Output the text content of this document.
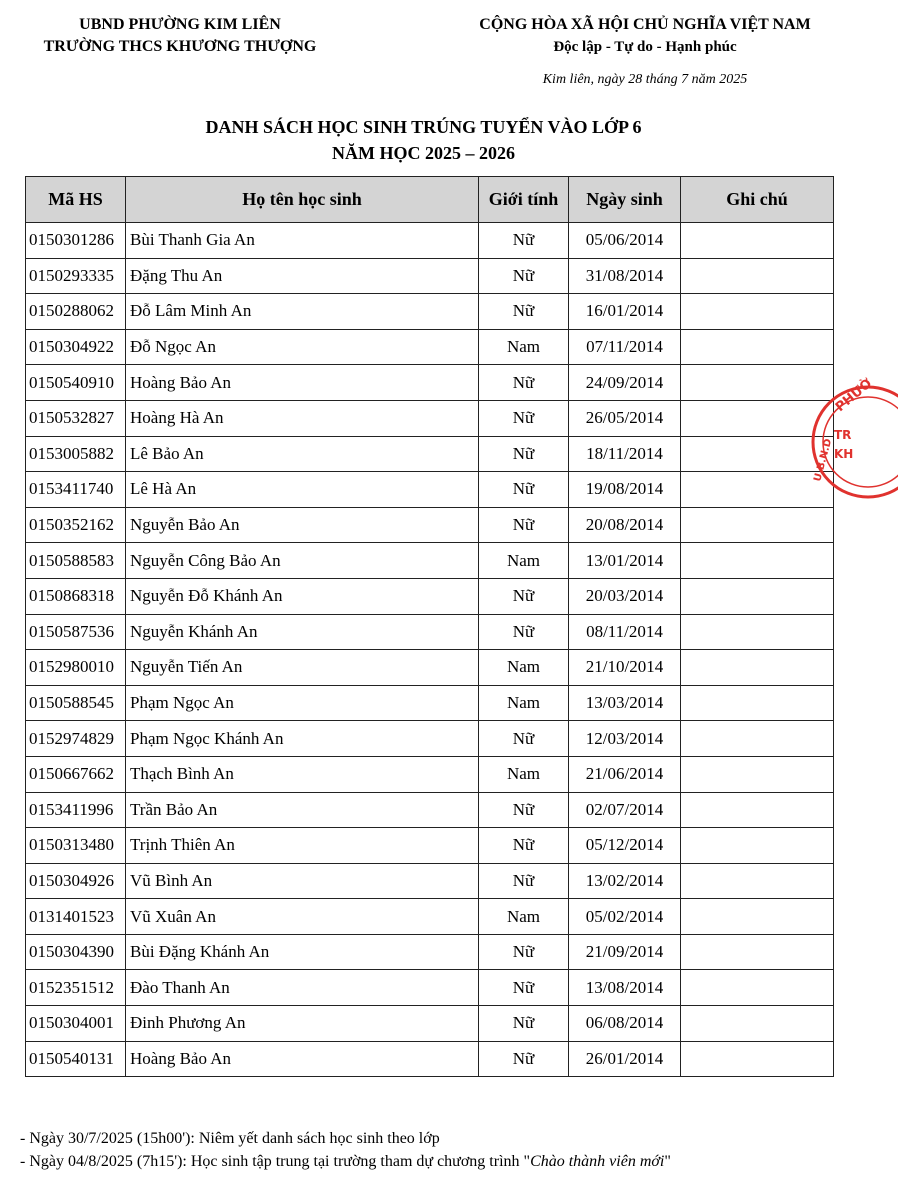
UBND PHƯỜNG KIM LIÊN
TRƯỜNG THCS KHƯƠNG THƯỢNG
CỘNG HÒA XÃ HỘI CHỦ NGHĨA VIỆT NAM
Độc lập - Tự do - Hạnh phúc
Kim liên, ngày 28 tháng 7 năm 2025
DANH SÁCH HỌC SINH TRÚNG TUYỂN VÀO LỚP 6
NĂM HỌC 2025 – 2026
Mã HS	Họ tên học sinh	Giới tính	Ngày sinh	Ghi chú
0150301286	Bùi Thanh Gia An	Nữ	05/06/2014	
0150293335	Đặng Thu An	Nữ	31/08/2014	
0150288062	Đỗ Lâm Minh An	Nữ	16/01/2014	
0150304922	Đỗ Ngọc An	Nam	07/11/2014	
0150540910	Hoàng Bảo An	Nữ	24/09/2014	
0150532827	Hoàng Hà An	Nữ	26/05/2014	
0153005882	Lê Bảo An	Nữ	18/11/2014	
0153411740	Lê Hà An	Nữ	19/08/2014	
0150352162	Nguyễn Bảo An	Nữ	20/08/2014	
0150588583	Nguyễn Công Bảo An	Nam	13/01/2014	
0150868318	Nguyễn Đỗ Khánh An	Nữ	20/03/2014	
0150587536	Nguyễn Khánh An	Nữ	08/11/2014	
0152980010	Nguyễn Tiến An	Nam	21/10/2014	
0150588545	Phạm Ngọc An	Nam	13/03/2014	
0152974829	Phạm Ngọc Khánh An	Nữ	12/03/2014	
0150667662	Thạch Bình An	Nam	21/06/2014	
0153411996	Trần Bảo An	Nữ	02/07/2014	
0150313480	Trịnh Thiên An	Nữ	05/12/2014	
0150304926	Vũ Bình An	Nữ	13/02/2014	
0131401523	Vũ Xuân An	Nam	05/02/2014	
0150304390	Bùi Đặng Khánh An	Nữ	21/09/2014	
0152351512	Đào Thanh An	Nữ	13/08/2014	
0150304001	Đinh Phương An	Nữ	06/08/2014	
0150540131	Hoàng Bảo An	Nữ	26/01/2014	
- Ngày 30/7/2025 (15h00'): Niêm yết danh sách học sinh theo lớp
- Ngày 04/8/2025 (7h15'): Học sinh tập trung tại trường tham dự chương trình "Chào thành viên mới"
PHƯỜ
U.B.N.D
TR
KH
